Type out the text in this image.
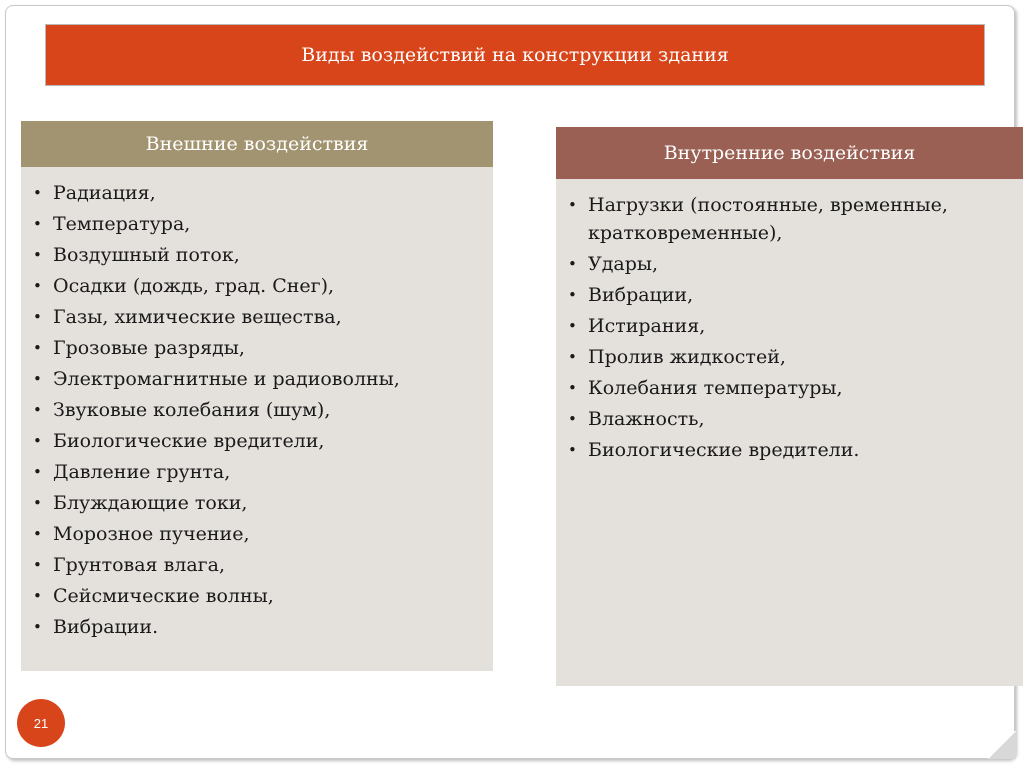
Виды воздействий на конструкции здания
Внешние воздействия
• Радиация,
• Температура,
• Воздушный поток,
• Осадки (дождь, град. Снег),
• Газы, химические вещества,
• Грозовые разряды,
• Электромагнитные и радиоволны,
• Звуковые колебания (шум),
• Биологические вредители,
• Давление грунта,
• Блуждающие токи,
• Морозное пучение,
• Грунтовая влага,
• Сейсмические волны,
• Вибрации.
Внутренние воздействия
• Нагрузки (постоянные, временные, кратковременные),
• Удары,
• Вибрации,
• Истирания,
• Пролив жидкостей,
• Колебания температуры,
• Влажность,
• Биологические вредители.
21
